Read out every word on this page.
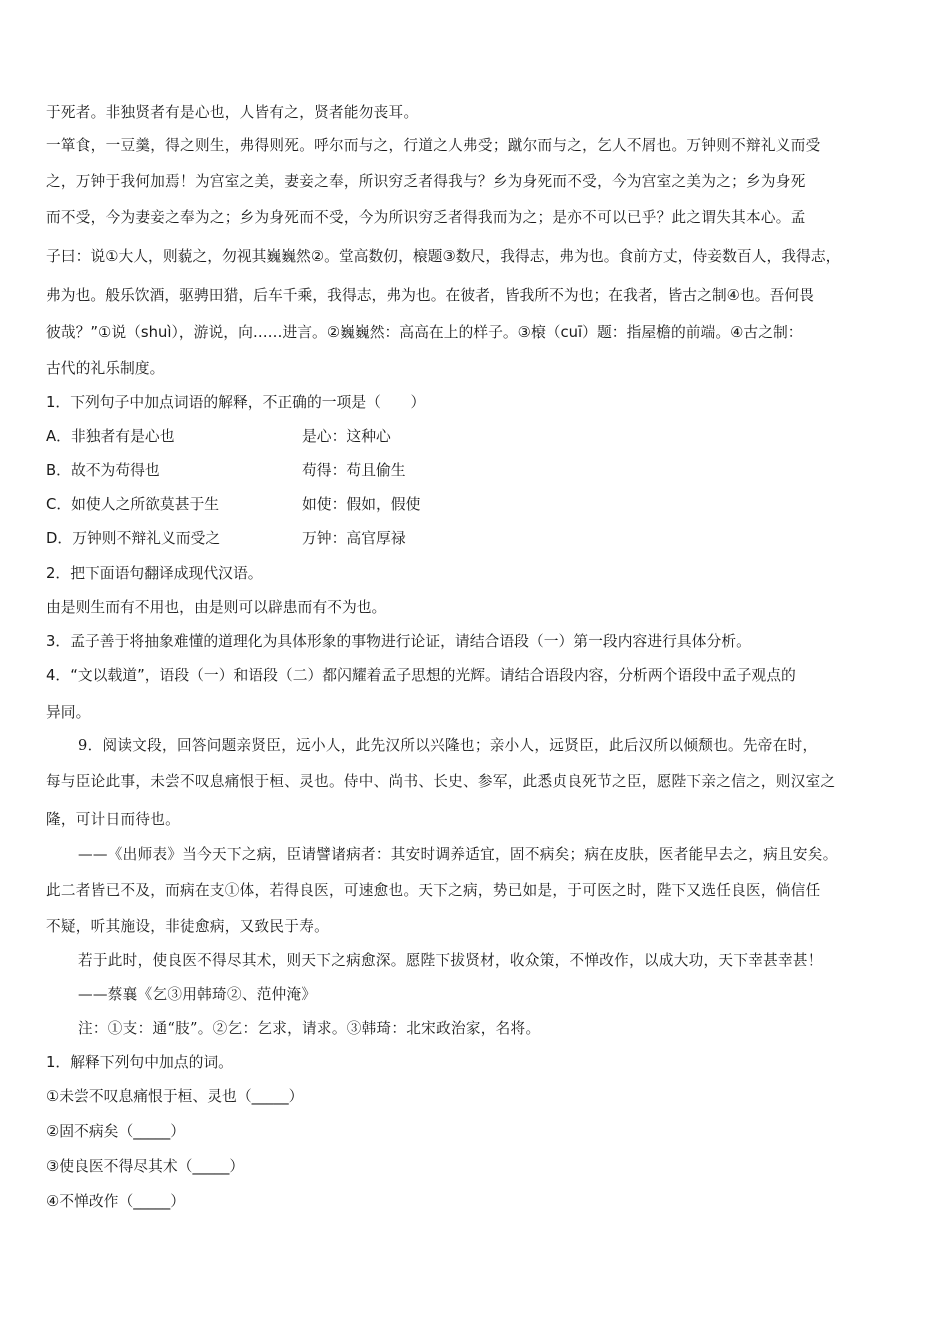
于死者。非独贤者有是心也，人皆有之，贤者能勿丧耳。
一箪食，一豆羹，得之则生，弗得则死。呼尔而与之，行道之人弗受；蹴尔而与之，乞人不屑也。万钟则不辩礼义而受
之，万钟于我何加焉！为宫室之美，妻妾之奉，所识穷乏者得我与？乡为身死而不受，今为宫室之美为之；乡为身死
而不受，今为妻妾之奉为之；乡为身死而不受，今为所识穷乏者得我而为之；是亦不可以已乎？此之谓失其本心。孟
子曰：说①大人，则藐之，勿视其巍巍然②。堂高数仞，榱题③数尺，我得志，弗为也。食前方丈，侍妾数百人，我得志，
弗为也。般乐饮酒，驱骋田猎，后车千乘，我得志，弗为也。在彼者，皆我所不为也；在我者，皆古之制④也。吾何畏
彼哉？”①说（shuì），游说，向……进言。②巍巍然：高高在上的样子。③榱（cuī）题：指屋檐的前端。④古之制：
古代的礼乐制度。
1．下列句子中加点词语的解释，不正确的一项是（　　）
A．非独者有是心也	是心：这种心
B．故不为苟得也	苟得：苟且偷生
C．如使人之所欲莫甚于生	如使：假如，假使
D．万钟则不辩礼义而受之	万钟：高官厚禄
2．把下面语句翻译成现代汉语。
由是则生而有不用也，由是则可以辟患而有不为也。
3．孟子善于将抽象难懂的道理化为具体形象的事物进行论证，请结合语段（一）第一段内容进行具体分析。
4．“文以载道”，语段（一）和语段（二）都闪耀着孟子思想的光辉。请结合语段内容，分析两个语段中孟子观点的
异同。
9．阅读文段，回答问题亲贤臣，远小人，此先汉所以兴隆也；亲小人，远贤臣，此后汉所以倾颓也。先帝在时，
每与臣论此事，未尝不叹息痛恨于桓、灵也。侍中、尚书、长史、参军，此悉贞良死节之臣，愿陛下亲之信之，则汉室之
隆，可计日而待也。
——《出师表》当今天下之病，臣请譬诸病者：其安时调养适宜，固不病矣；病在皮肤，医者能早去之，病且安矣。
此二者皆已不及，而病在支①体，若得良医，可速愈也。天下之病，势已如是，于可医之时，陛下又选任良医，倘信任
不疑，听其施设，非徒愈病，又致民于寿。
若于此时，使良医不得尽其术，则天下之病愈深。愿陛下拔贤材，收众策，不惮改作，以成大功，天下幸甚幸甚！
——蔡襄《乞③用韩琦②、范仲淹》
注：①支：通“肢”。②乞：乞求，请求。③韩琦：北宋政治家，名将。
1．解释下列句中加点的词。
①未尝不叹息痛恨于桓、灵也（_____）
②固不病矣（_____）
③使良医不得尽其术（_____）
④不惮改作（_____）
